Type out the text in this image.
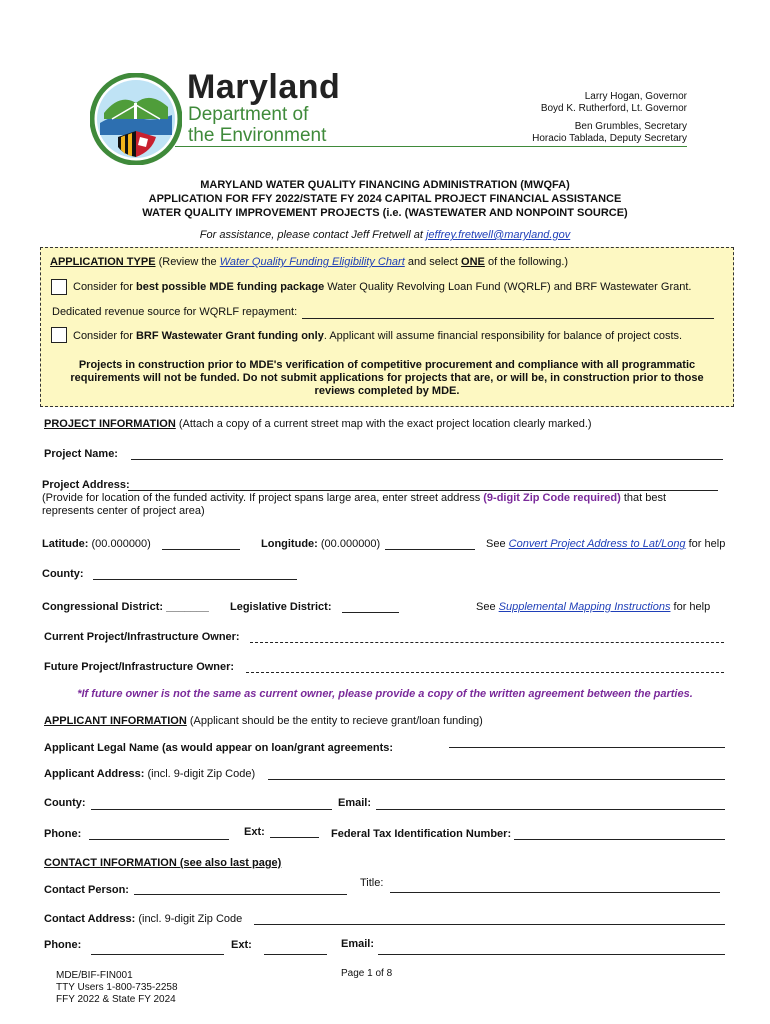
Maryland
Department of
the Environment
Larry Hogan, Governor
Boyd K. Rutherford, Lt. Governor
Ben Grumbles, Secretary
Horacio Tablada, Deputy Secretary
MARYLAND WATER QUALITY FINANCING ADMINISTRATION (MWQFA)
APPLICATION FOR FFY 2022/STATE FY 2024 CAPITAL PROJECT FINANCIAL ASSISTANCE
WATER QUALITY IMPROVEMENT PROJECTS (i.e. (WASTEWATER AND NONPOINT SOURCE)
For assistance, please contact Jeff Fretwell at jeffrey.fretwell@maryland.gov
APPLICATION TYPE (Review the Water Quality Funding Eligibility Chart and select ONE of the following.)
Consider for best possible MDE funding package Water Quality Revolving Loan Fund (WQRLF) and BRF Wastewater Grant.
Dedicated revenue source for WQRLF repayment:
Consider for BRF Wastewater Grant funding only. Applicant will assume financial responsibility for balance of project costs.
Projects in construction prior to MDE's verification of competitive procurement and compliance with all programmatic
requirements will not be funded. Do not submit applications for projects that are, or will be, in construction prior to those
reviews completed by MDE.
PROJECT INFORMATION (Attach a copy of a current street map with the exact project location clearly marked.)
Project Name:
Project Address:
(Provide for location of the funded activity. If project spans large area, enter street address (9-digit Zip Code required) that best
represents center of project area)
Latitude: (00.000000)	Longitude: (00.000000)	See Convert Project Address to Lat/Long for help
County:
Congressional District: _______ Legislative District:	See Supplemental Mapping Instructions for help
Current Project/Infrastructure Owner:
Future Project/Infrastructure Owner:
*If future owner is not the same as current owner, please provide a copy of the written agreement between the parties.
APPLICANT INFORMATION (Applicant should be the entity to recieve grant/loan funding)
Applicant Legal Name (as would appear on loan/grant agreements:
Applicant Address: (incl. 9-digit Zip Code)
County:	Email:
Phone:	Ext:	Federal Tax Identification Number:
CONTACT INFORMATION (see also last page)
Contact Person:
Title:
Contact Address: (incl. 9-digit Zip Code
Phone:	Ext:	Email:
MDE/BIF-FIN001
TTY Users 1-800-735-2258
FFY 2022 & State FY 2024
Page 1 of 8
